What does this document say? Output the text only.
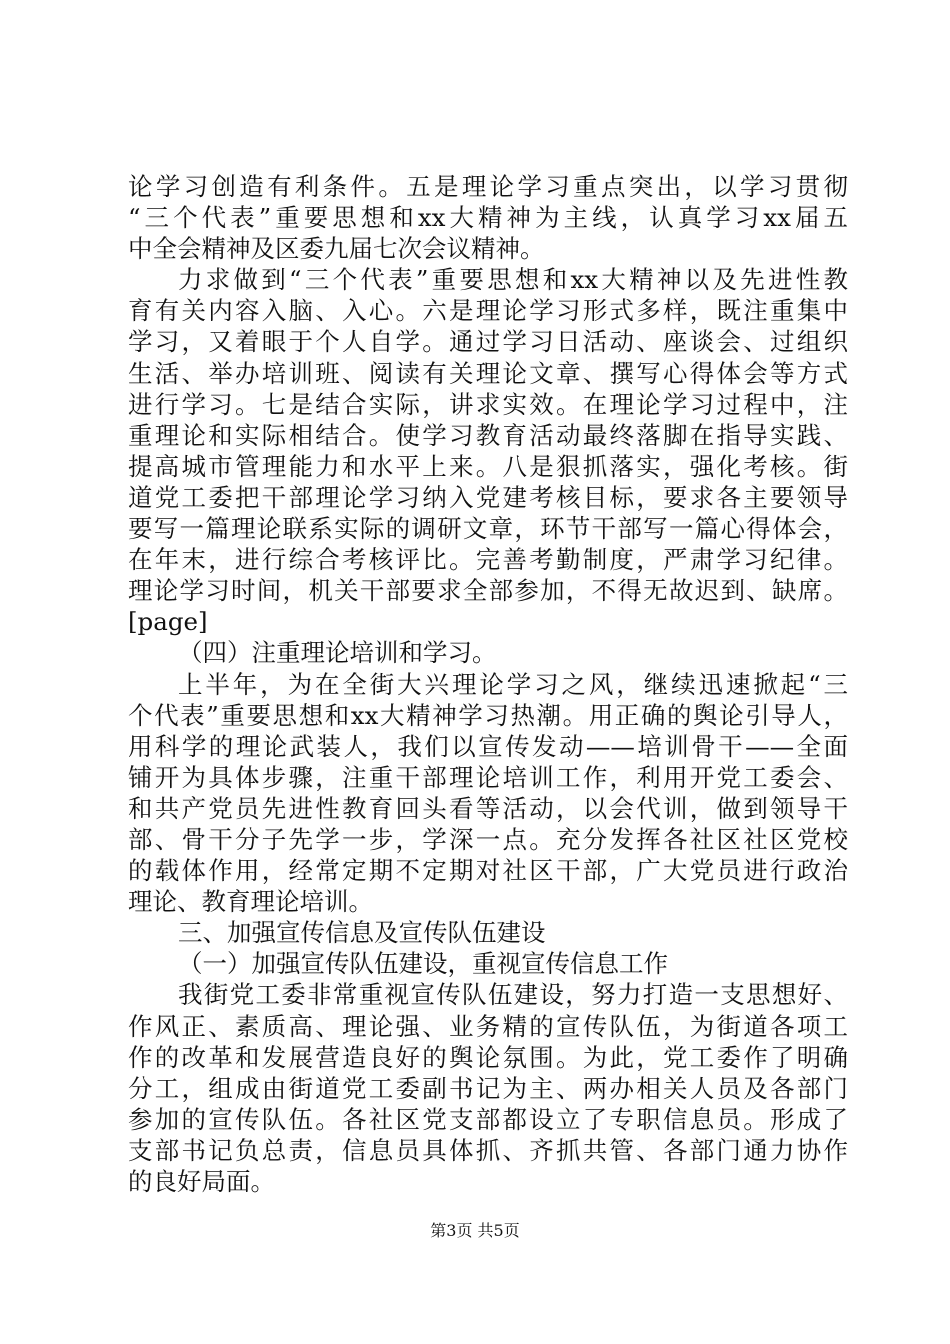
论学习创造有利条件。五是理论学习重点突出，以学习贯彻
“三个代表”重要思想和xx大精神为主线，认真学习xx届五
中全会精神及区委九届七次会议精神。
力求做到“三个代表”重要思想和xx大精神以及先进性教
育有关内容入脑、入心。六是理论学习形式多样，既注重集中
学习，又着眼于个人自学。通过学习日活动、座谈会、过组织
生活、举办培训班、阅读有关理论文章、撰写心得体会等方式
进行学习。七是结合实际，讲求实效。在理论学习过程中，注
重理论和实际相结合。使学习教育活动最终落脚在指导实践、
提高城市管理能力和水平上来。八是狠抓落实，强化考核。街
道党工委把干部理论学习纳入党建考核目标，要求各主要领导
要写一篇理论联系实际的调研文章，环节干部写一篇心得体会，
在年末，进行综合考核评比。完善考勤制度，严肃学习纪律。
理论学习时间，机关干部要求全部参加，不得无故迟到、缺席。
[page]
（四）注重理论培训和学习。
上半年，为在全街大兴理论学习之风，继续迅速掀起“三
个代表”重要思想和xx大精神学习热潮。用正确的舆论引导人，
用科学的理论武装人，我们以宣传发动——培训骨干——全面
铺开为具体步骤，注重干部理论培训工作，利用开党工委会、
和共产党员先进性教育回头看等活动，以会代训，做到领导干
部、骨干分子先学一步，学深一点。充分发挥各社区社区党校
的载体作用，经常定期不定期对社区干部，广大党员进行政治
理论、教育理论培训。
三、加强宣传信息及宣传队伍建设
（一）加强宣传队伍建设，重视宣传信息工作
我街党工委非常重视宣传队伍建设，努力打造一支思想好、
作风正、素质高、理论强、业务精的宣传队伍，为街道各项工
作的改革和发展营造良好的舆论氛围。为此，党工委作了明确
分工，组成由街道党工委副书记为主、两办相关人员及各部门
参加的宣传队伍。各社区党支部都设立了专职信息员。形成了
支部书记负总责，信息员具体抓、齐抓共管、各部门通力协作
的良好局面。
第3页 共5页
